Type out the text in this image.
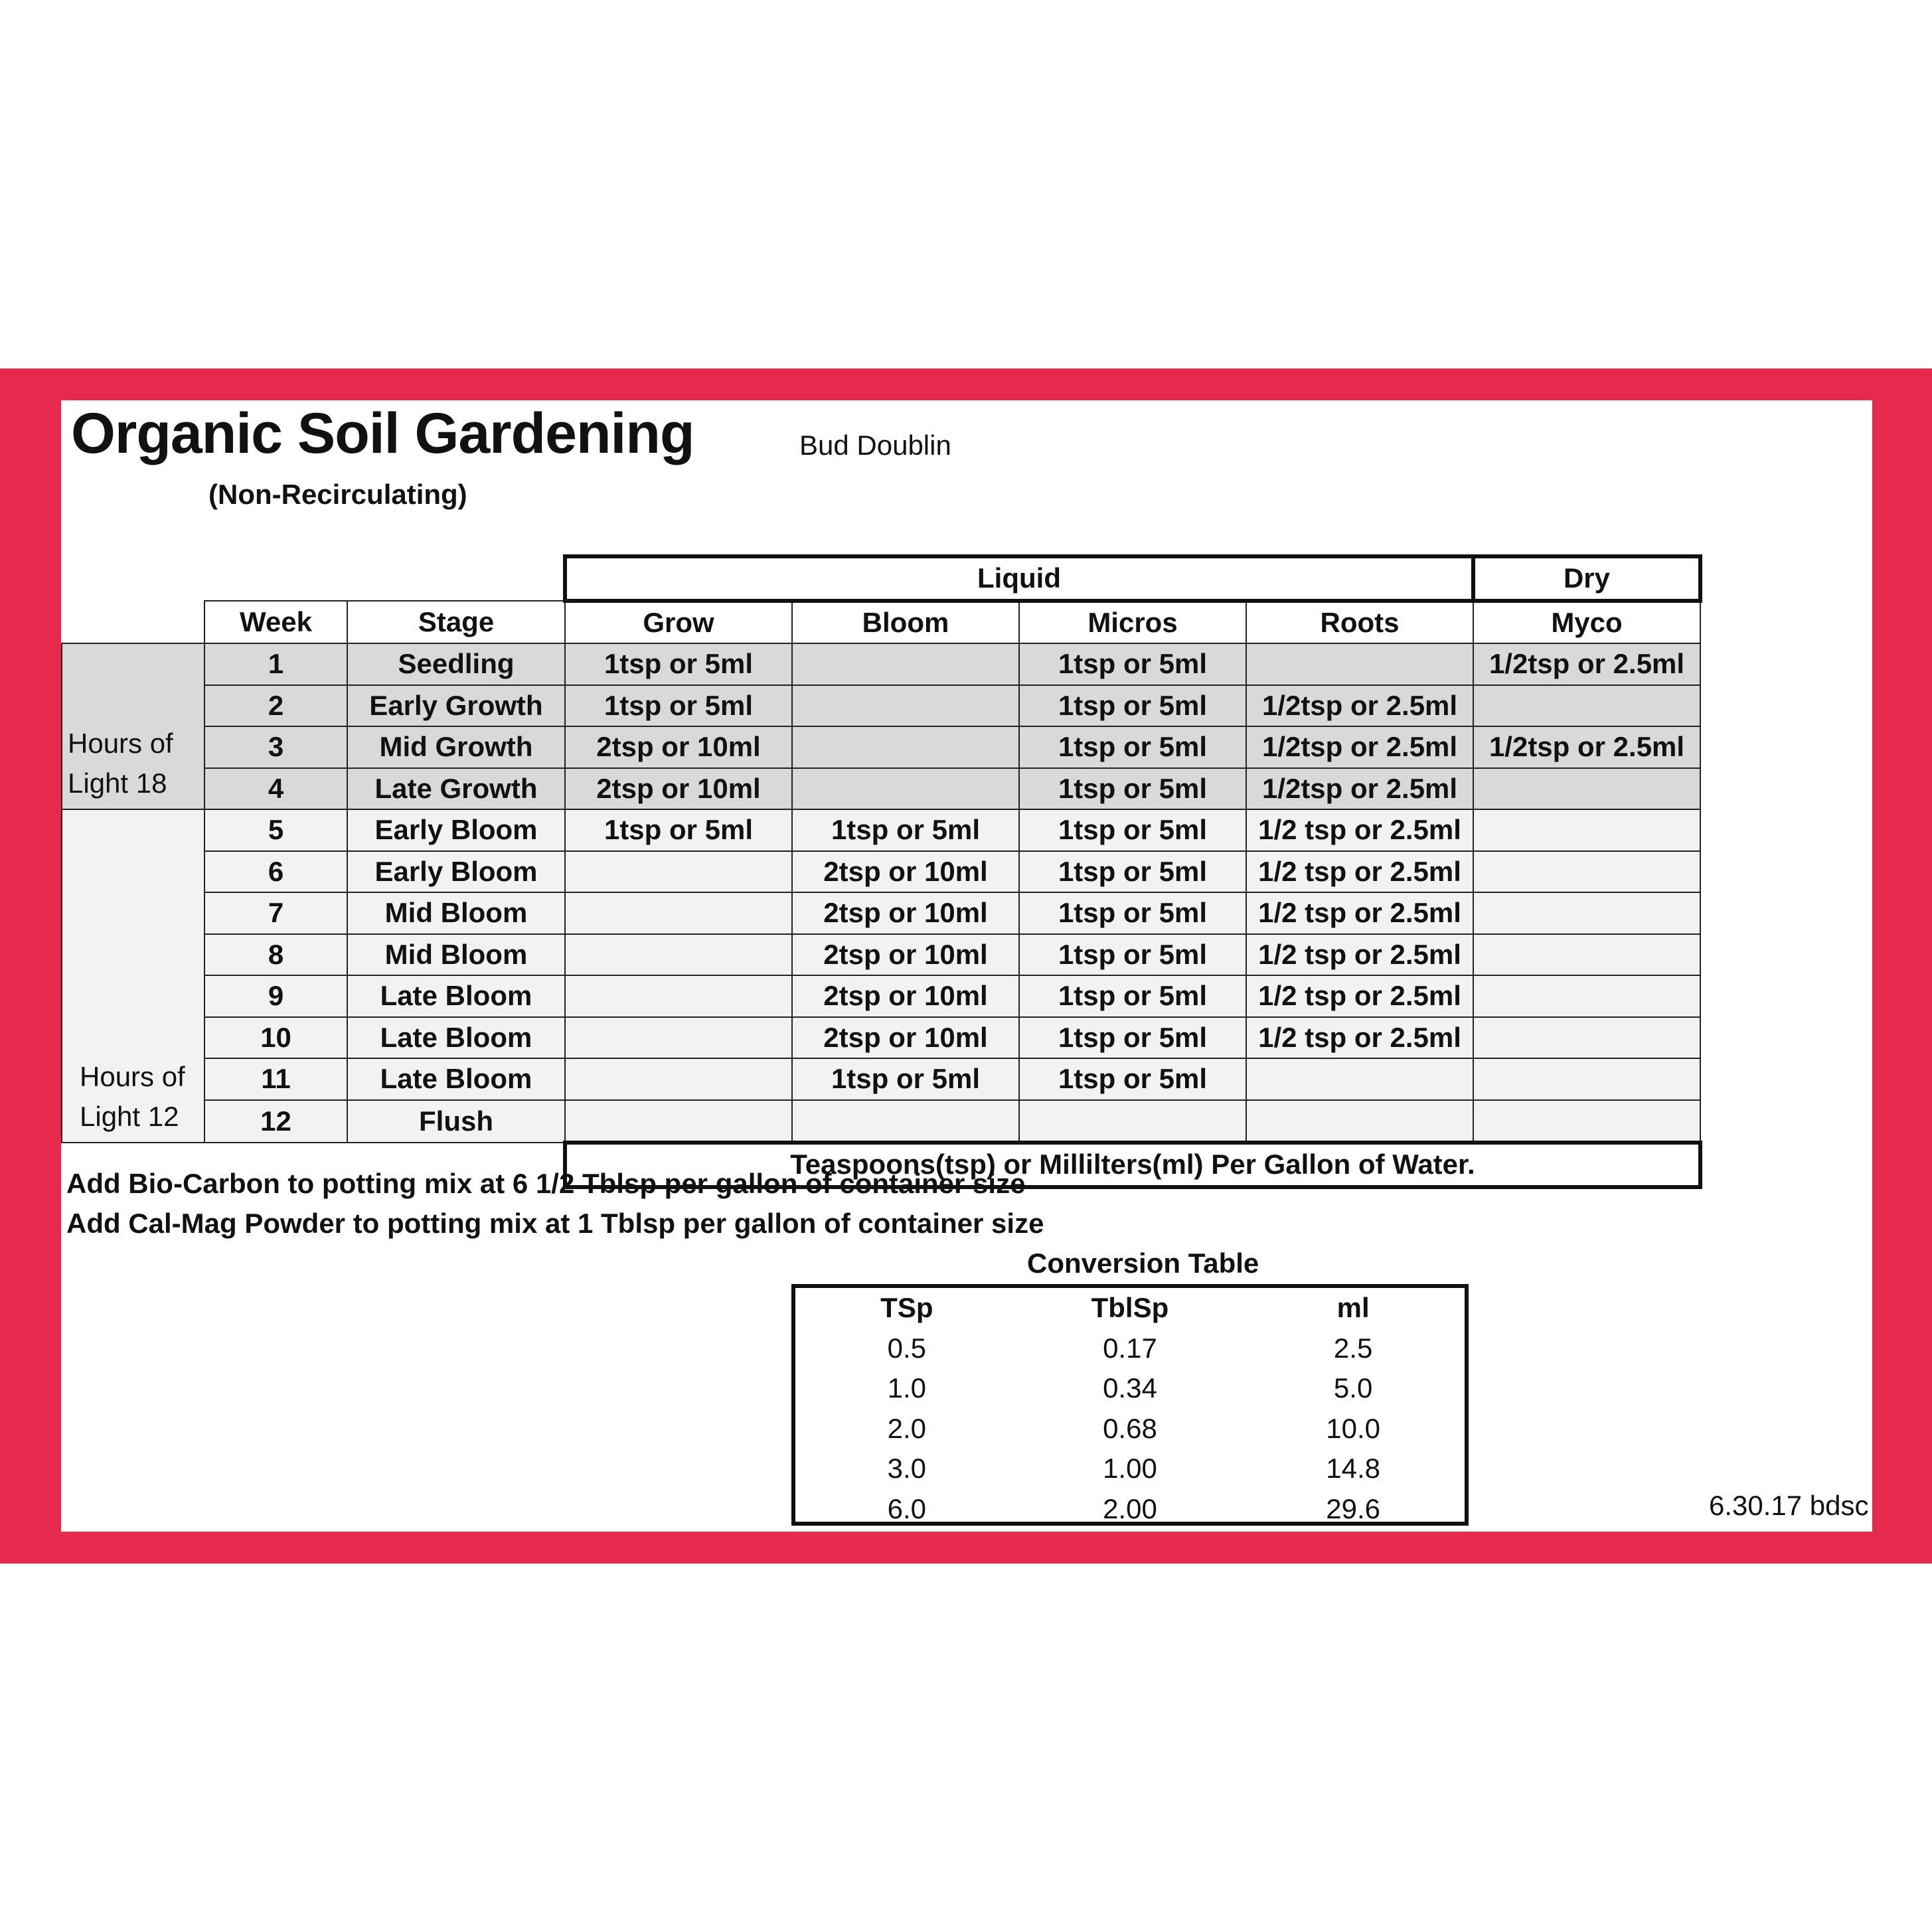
Organic Soil Gardening	Bud Doublin
(Non-Recirculating)
			Liquid				Dry
	Week	Stage	Grow	Bloom	Micros	Roots	Myco
Hours of Light 18	1	Seedling	1tsp or 5ml		1tsp or 5ml		1/2tsp or 2.5ml
	2	Early Growth	1tsp or 5ml		1tsp or 5ml	1/2tsp or 2.5ml	
	3	Mid Growth	2tsp or 10ml		1tsp or 5ml	1/2tsp or 2.5ml	1/2tsp or 2.5ml
	4	Late Growth	2tsp or 10ml		1tsp or 5ml	1/2tsp or 2.5ml	
Hours of Light 12	5	Early Bloom	1tsp or 5ml	1tsp or 5ml	1tsp or 5ml	1/2 tsp or 2.5ml	
	6	Early Bloom		2tsp or 10ml	1tsp or 5ml	1/2 tsp or 2.5ml	
	7	Mid Bloom		2tsp or 10ml	1tsp or 5ml	1/2 tsp or 2.5ml	
	8	Mid Bloom		2tsp or 10ml	1tsp or 5ml	1/2 tsp or 2.5ml	
	9	Late Bloom		2tsp or 10ml	1tsp or 5ml	1/2 tsp or 2.5ml	
	10	Late Bloom		2tsp or 10ml	1tsp or 5ml	1/2 tsp or 2.5ml	
	11	Late Bloom		1tsp or 5ml	1tsp or 5ml		
	12	Flush					
			Teaspoons(tsp) or Millilters(ml) Per Gallon of Water.				
Add Bio-Carbon to potting mix at 6 1/2 Tblsp per gallon of container size
Add Cal-Mag Powder to potting mix at 1 Tblsp per gallon of container size
Conversion Table
TSp	TblSp	ml
0.5	0.17	2.5
1.0	0.34	5.0
2.0	0.68	10.0
3.0	1.00	14.8
6.0	2.00	29.6	6.30.17 bdsc
